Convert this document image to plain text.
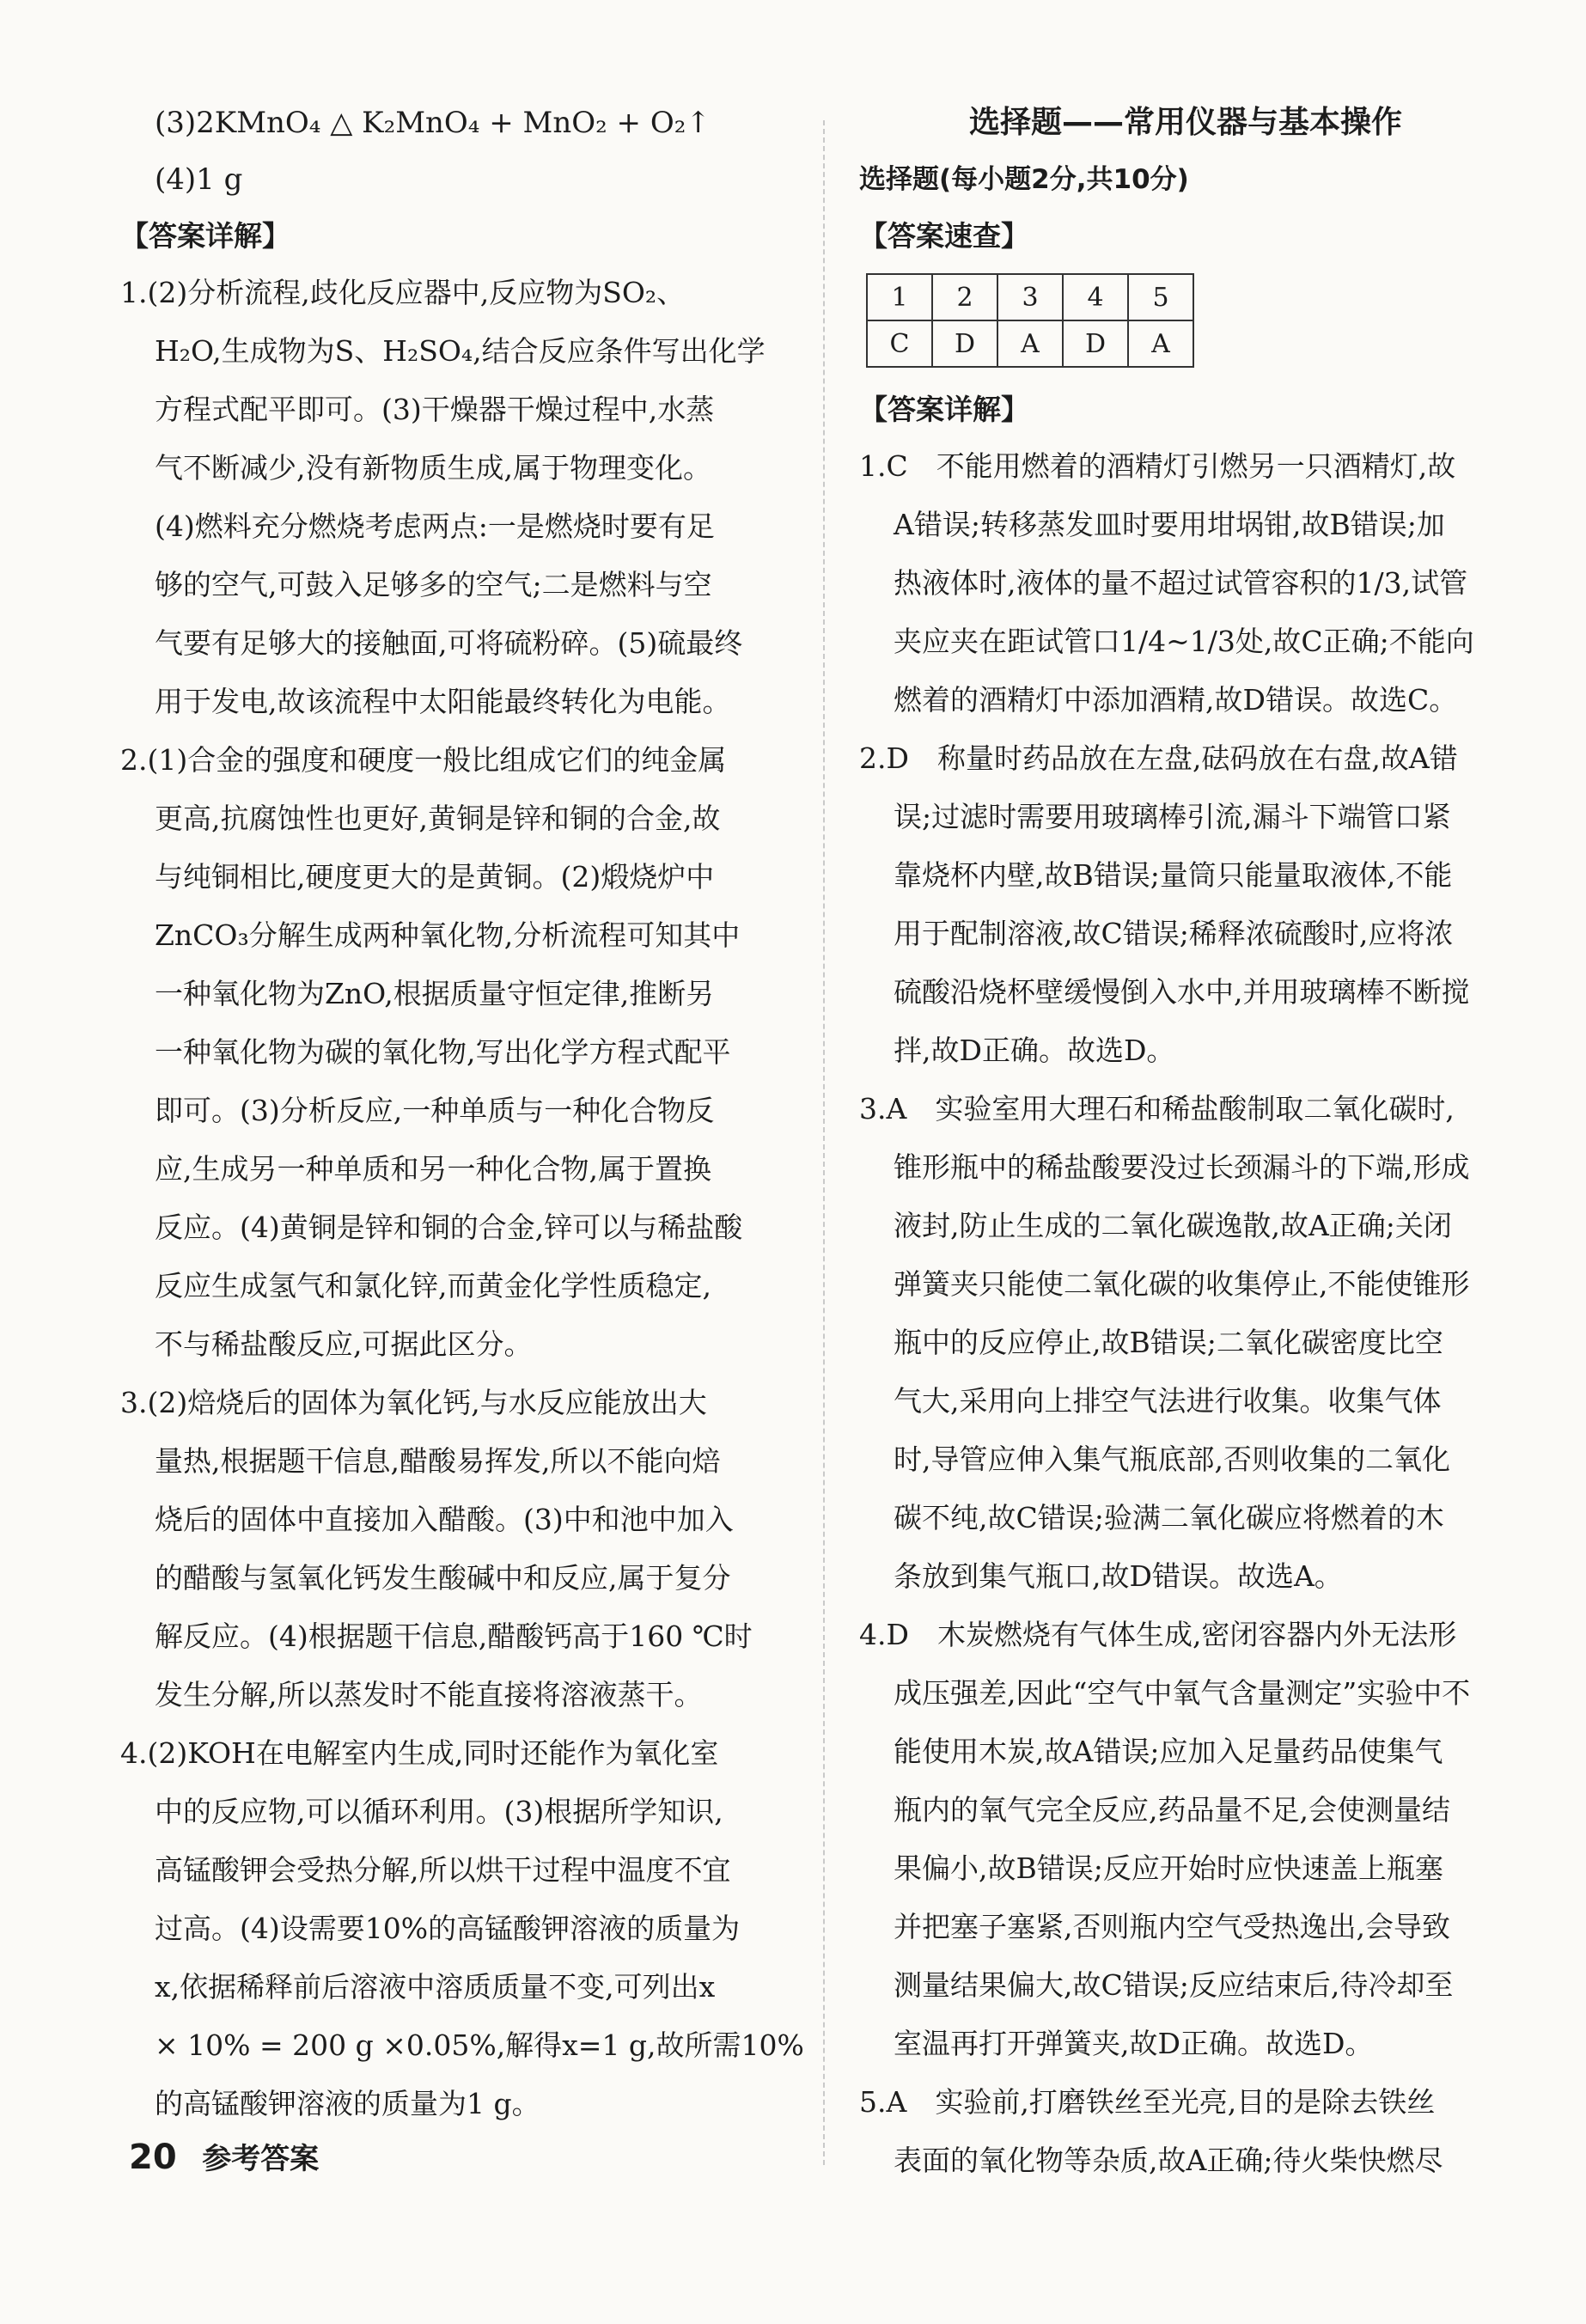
(3)2KMnO₄ △ K₂MnO₄ + MnO₂ + O₂↑
(4)1 g
【答案详解】
1.(2)分析流程,歧化反应器中,反应物为SO₂、
H₂O,生成物为S、H₂SO₄,结合反应条件写出化学
方程式配平即可。(3)干燥器干燥过程中,水蒸
气不断减少,没有新物质生成,属于物理变化。
(4)燃料充分燃烧考虑两点:一是燃烧时要有足
够的空气,可鼓入足够多的空气;二是燃料与空
气要有足够大的接触面,可将硫粉碎。(5)硫最终
用于发电,故该流程中太阳能最终转化为电能。
2.(1)合金的强度和硬度一般比组成它们的纯金属
更高,抗腐蚀性也更好,黄铜是锌和铜的合金,故
与纯铜相比,硬度更大的是黄铜。(2)煅烧炉中
ZnCO₃分解生成两种氧化物,分析流程可知其中
一种氧化物为ZnO,根据质量守恒定律,推断另
一种氧化物为碳的氧化物,写出化学方程式配平
即可。(3)分析反应,一种单质与一种化合物反
应,生成另一种单质和另一种化合物,属于置换
反应。(4)黄铜是锌和铜的合金,锌可以与稀盐酸
反应生成氢气和氯化锌,而黄金化学性质稳定,
不与稀盐酸反应,可据此区分。
3.(2)焙烧后的固体为氧化钙,与水反应能放出大
量热,根据题干信息,醋酸易挥发,所以不能向焙
烧后的固体中直接加入醋酸。(3)中和池中加入
的醋酸与氢氧化钙发生酸碱中和反应,属于复分
解反应。(4)根据题干信息,醋酸钙高于160 ℃时
发生分解,所以蒸发时不能直接将溶液蒸干。
4.(2)KOH在电解室内生成,同时还能作为氧化室
中的反应物,可以循环利用。(3)根据所学知识,
高锰酸钾会受热分解,所以烘干过程中温度不宜
过高。(4)设需要10%的高锰酸钾溶液的质量为
x,依据稀释前后溶液中溶质质量不变,可列出x
× 10% = 200 g ×0.05%,解得x=1 g,故所需10%
的高锰酸钾溶液的质量为1 g。
选择题——常用仪器与基本操作
选择题(每小题2分,共10分)
【答案速查】
1	2	3	4	5
C	D	A	D	A
【答案详解】
1.C　不能用燃着的酒精灯引燃另一只酒精灯,故
A错误;转移蒸发皿时要用坩埚钳,故B错误;加
热液体时,液体的量不超过试管容积的1/3,试管
夹应夹在距试管口1/4~1/3处,故C正确;不能向
燃着的酒精灯中添加酒精,故D错误。故选C。
2.D　称量时药品放在左盘,砝码放在右盘,故A错
误;过滤时需要用玻璃棒引流,漏斗下端管口紧
靠烧杯内壁,故B错误;量筒只能量取液体,不能
用于配制溶液,故C错误;稀释浓硫酸时,应将浓
硫酸沿烧杯壁缓慢倒入水中,并用玻璃棒不断搅
拌,故D正确。故选D。
3.A　实验室用大理石和稀盐酸制取二氧化碳时,
锥形瓶中的稀盐酸要没过长颈漏斗的下端,形成
液封,防止生成的二氧化碳逸散,故A正确;关闭
弹簧夹只能使二氧化碳的收集停止,不能使锥形
瓶中的反应停止,故B错误;二氧化碳密度比空
气大,采用向上排空气法进行收集。收集气体
时,导管应伸入集气瓶底部,否则收集的二氧化
碳不纯,故C错误;验满二氧化碳应将燃着的木
条放到集气瓶口,故D错误。故选A。
4.D　木炭燃烧有气体生成,密闭容器内外无法形
成压强差,因此“空气中氧气含量测定”实验中不
能使用木炭,故A错误;应加入足量药品使集气
瓶内的氧气完全反应,药品量不足,会使测量结
果偏小,故B错误;反应开始时应快速盖上瓶塞
并把塞子塞紧,否则瓶内空气受热逸出,会导致
测量结果偏大,故C错误;反应结束后,待冷却至
室温再打开弹簧夹,故D正确。故选D。
5.A　实验前,打磨铁丝至光亮,目的是除去铁丝
表面的氧化物等杂质,故A正确;待火柴快燃尽
20 参考答案
